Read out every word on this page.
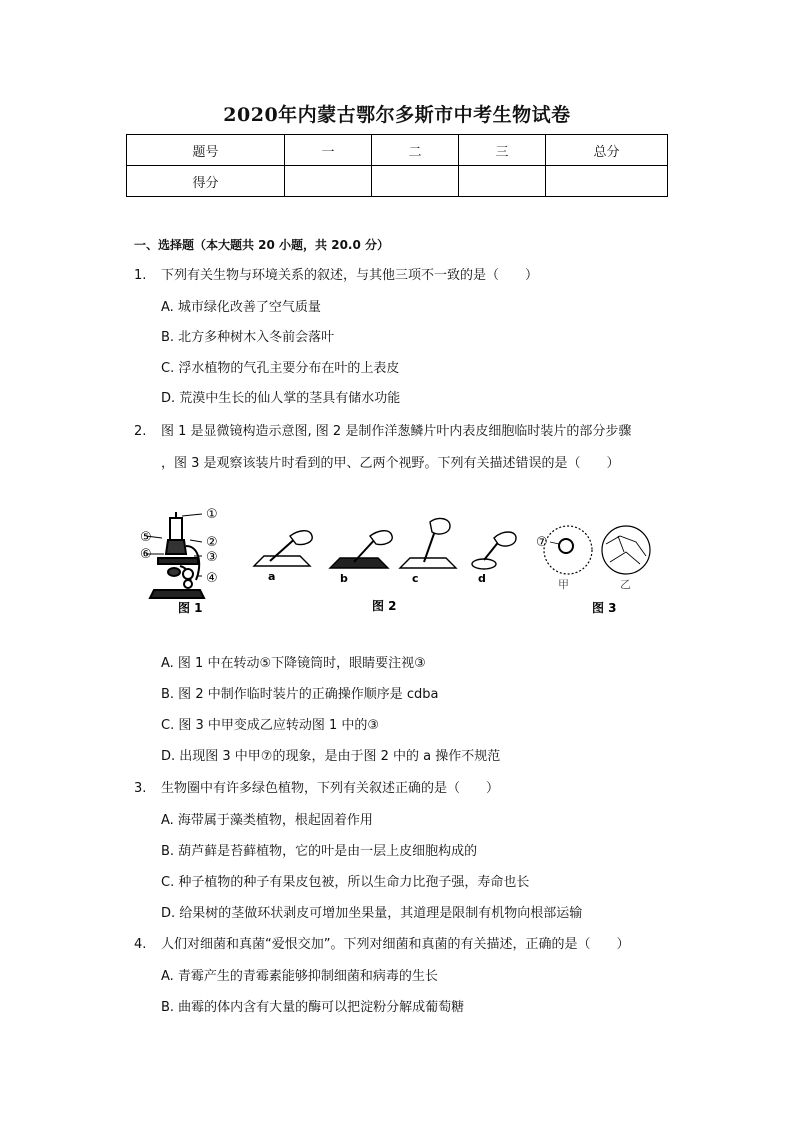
2020年内蒙古鄂尔多斯市中考生物试卷
题号	一	二	三	总分
得分				
一、选择题（本大题共 20 小题，共 20.0 分）
1. 下列有关生物与环境关系的叙述，与其他三项不一致的是（　　）
A. 城市绿化改善了空气质量
B. 北方多种树木入冬前会落叶
C. 浮水植物的气孔主要分布在叶的上表皮
D. 荒漠中生长的仙人掌的茎具有储水功能
2. 图 1 是显微镜构造示意图, 图 2 是制作洋葱鳞片叶内表皮细胞临时装片的部分步骤
，图 3 是观察该装片时看到的甲、乙两个视野。下列有关描述错误的是（　　）
①
②
③
④
⑤
⑥
图 1
a	b	c	d
图 2
⑦
甲	乙
图 3
A. 图 1 中在转动⑤下降镜筒时，眼睛要注视③
B. 图 2 中制作临时装片的正确操作顺序是 cdba
C. 图 3 中甲变成乙应转动图 1 中的③
D. 出现图 3 中甲⑦的现象，是由于图 2 中的 a 操作不规范
3. 生物圈中有许多绿色植物，下列有关叙述正确的是（　　）
A. 海带属于藻类植物，根起固着作用
B. 葫芦藓是苔藓植物，它的叶是由一层上皮细胞构成的
C. 种子植物的种子有果皮包被，所以生命力比孢子强，寿命也长
D. 给果树的茎做环状剥皮可增加坐果量，其道理是限制有机物向根部运输
4. 人们对细菌和真菌“爱恨交加”。下列对细菌和真菌的有关描述，正确的是（　　）
A. 青霉产生的青霉素能够抑制细菌和病毒的生长
B. 曲霉的体内含有大量的酶可以把淀粉分解成葡萄糖
